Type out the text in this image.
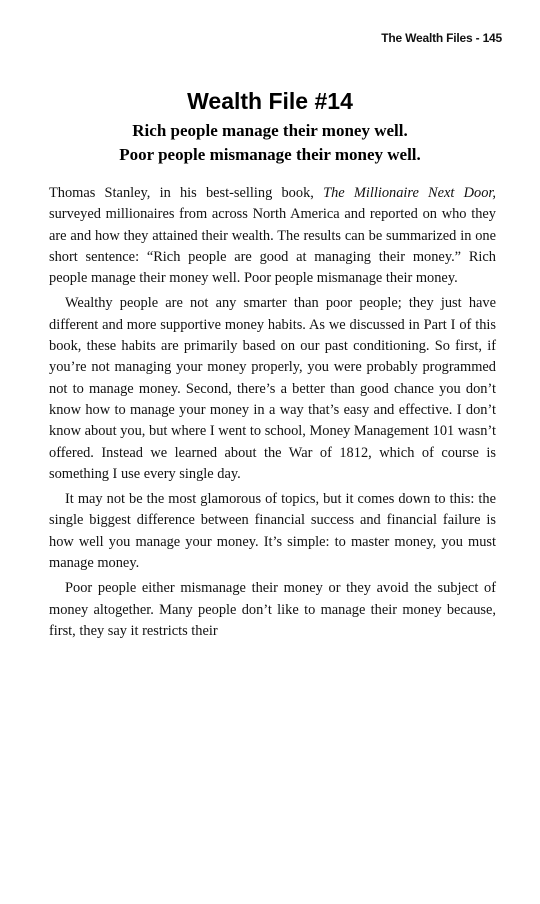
The Wealth Files - 145
Wealth File #14
Rich people manage their money well.
Poor people mismanage their money well.

Thomas Stanley, in his best-selling book, The Millionaire Next Door, surveyed millionaires from across North America and reported on who they are and how they attained their wealth. The results can be summarized in one short sentence: “Rich people are good at managing their money.” Rich people manage their money well. Poor people mismanage their money.

Wealthy people are not any smarter than poor people; they just have different and more supportive money habits. As we discussed in Part I of this book, these habits are primarily based on our past conditioning. So first, if you’re not managing your money properly, you were probably programmed not to manage money. Second, there’s a better than good chance you don’t know how to manage your money in a way that’s easy and effective. I don’t know about you, but where I went to school, Money Management 101 wasn’t offered. Instead we learned about the War of 1812, which of course is something I use every single day.

It may not be the most glamorous of topics, but it comes down to this: the single biggest difference between financial success and financial failure is how well you manage your money. It’s simple: to master money, you must manage money.

Poor people either mismanage their money or they avoid the subject of money altogether. Many people don’t like to manage their money because, first, they say it restricts their
